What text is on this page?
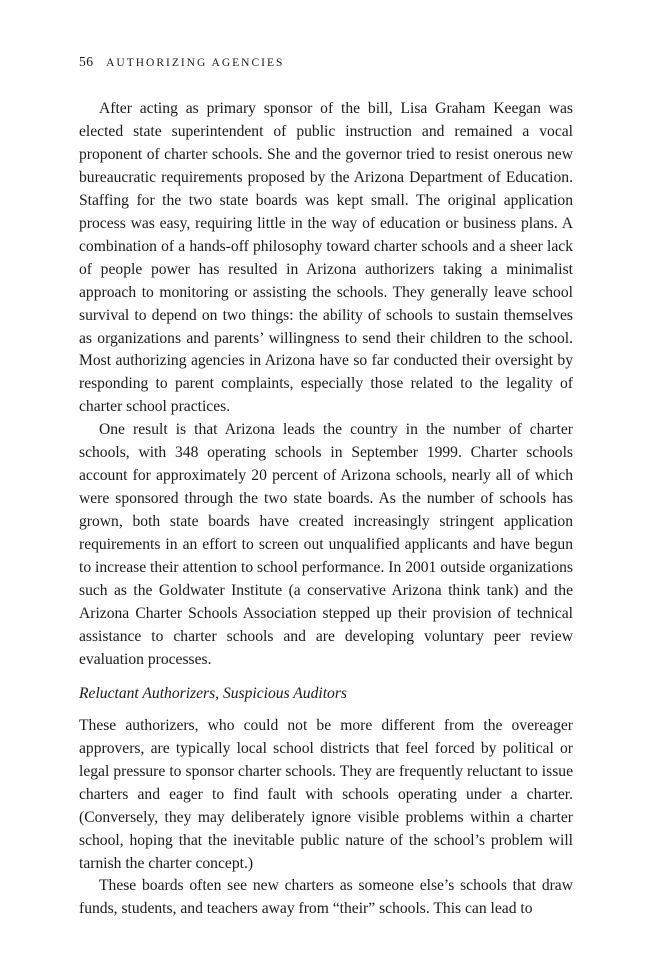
56 AUTHORIZING AGENCIES

After acting as primary sponsor of the bill, Lisa Graham Keegan was elected state superintendent of public instruction and remained a vocal proponent of charter schools. She and the governor tried to resist onerous new bureaucratic requirements proposed by the Arizona Department of Education. Staffing for the two state boards was kept small. The original application process was easy, requiring little in the way of education or business plans. A combination of a hands-off philosophy toward charter schools and a sheer lack of people power has resulted in Arizona authorizers taking a minimalist approach to monitoring or assisting the schools. They generally leave school survival to depend on two things: the ability of schools to sustain themselves as organizations and parents’ willingness to send their children to the school. Most authorizing agencies in Arizona have so far conducted their oversight by responding to parent complaints, especially those related to the legality of charter school practices.

One result is that Arizona leads the country in the number of charter schools, with 348 operating schools in September 1999. Charter schools account for approximately 20 percent of Arizona schools, nearly all of which were sponsored through the two state boards. As the number of schools has grown, both state boards have created increasingly stringent application requirements in an effort to screen out unqualified applicants and have begun to increase their attention to school performance. In 2001 outside organizations such as the Goldwater Institute (a conservative Arizona think tank) and the Arizona Charter Schools Association stepped up their provision of technical assistance to charter schools and are developing voluntary peer review evaluation processes.

Reluctant Authorizers, Suspicious Auditors

These authorizers, who could not be more different from the overeager approvers, are typically local school districts that feel forced by political or legal pressure to sponsor charter schools. They are frequently reluctant to issue charters and eager to find fault with schools operating under a charter. (Conversely, they may deliberately ignore visible problems within a charter school, hoping that the inevitable public nature of the school’s problem will tarnish the charter concept.)

These boards often see new charters as someone else’s schools that draw funds, students, and teachers away from “their” schools. This can lead to
